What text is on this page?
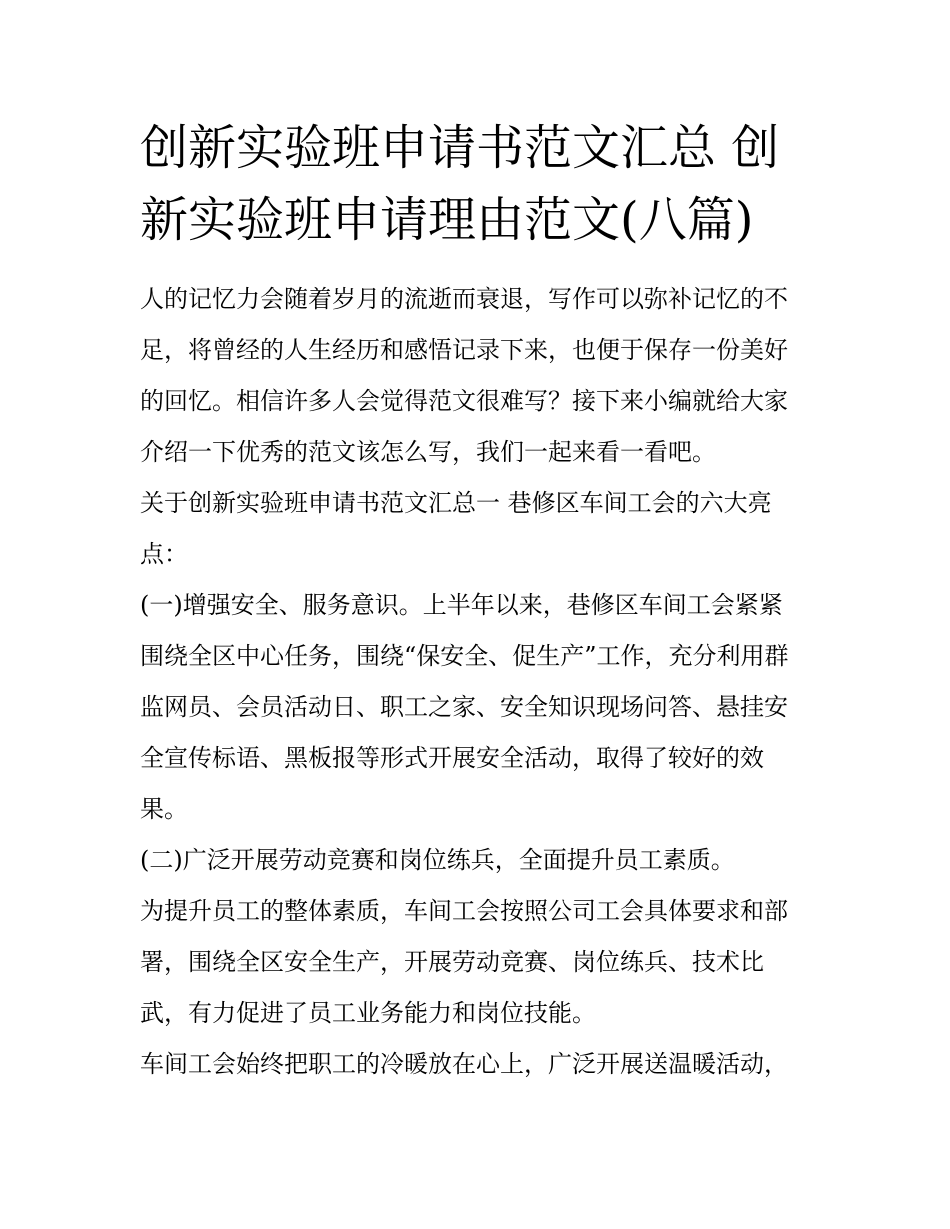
创新实验班申请书范文汇总 创
新实验班申请理由范文(八篇)

人的记忆力会随着岁月的流逝而衰退，写作可以弥补记忆的不

足，将曾经的人生经历和感悟记录下来，也便于保存一份美好

的回忆。相信许多人会觉得范文很难写？接下来小编就给大家

介绍一下优秀的范文该怎么写，我们一起来看一看吧。

关于创新实验班申请书范文汇总一 巷修区车间工会的六大亮

点：

(一)增强安全、服务意识。上半年以来，巷修区车间工会紧紧

围绕全区中心任务，围绕“保安全、促生产”工作，充分利用群

监网员、会员活动日、职工之家、安全知识现场问答、悬挂安

全宣传标语、黑板报等形式开展安全活动，取得了较好的效

果。

(二)广泛开展劳动竞赛和岗位练兵，全面提升员工素质。

为提升员工的整体素质，车间工会按照公司工会具体要求和部

署，围绕全区安全生产，开展劳动竞赛、岗位练兵、技术比

武，有力促进了员工业务能力和岗位技能。

车间工会始终把职工的冷暖放在心上，广泛开展送温暖活动，
